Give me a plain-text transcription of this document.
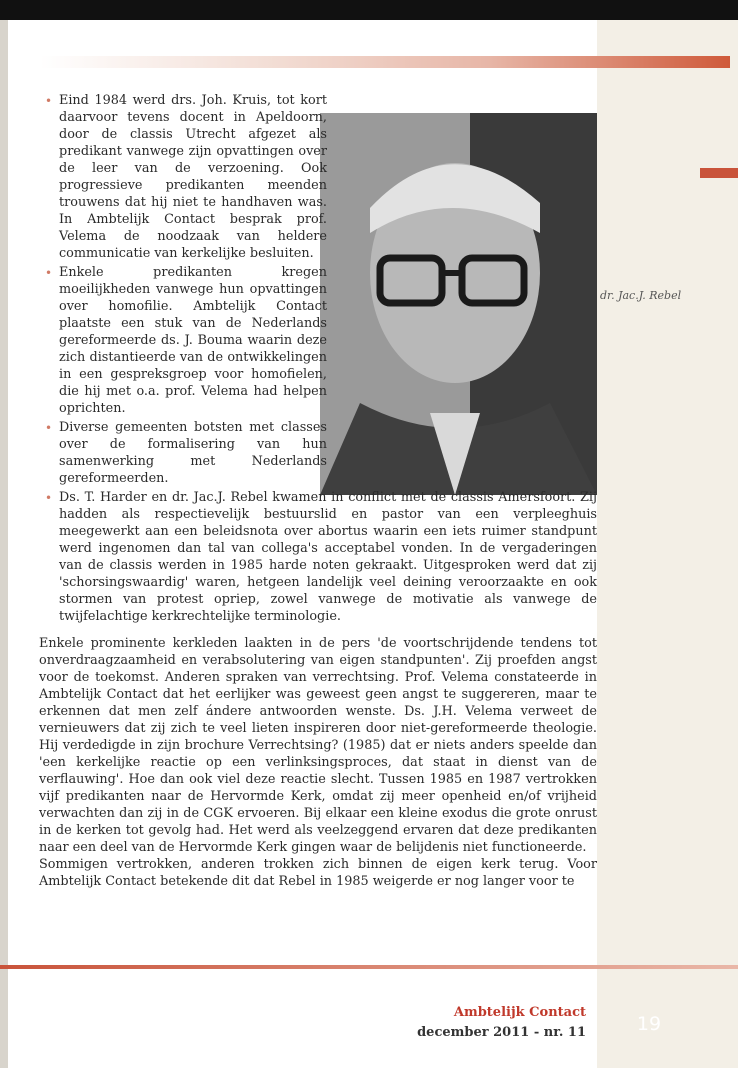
dr. Jac.J. Rebel
• Eind 1984 werd drs. Joh. Kruis, tot kort daarvoor tevens docent in Apeldoorn, door de classis Utrecht afgezet als predikant vanwege zijn opvattingen over de leer van de verzoening. Ook progressieve predikanten meenden trouwens dat hij niet te handhaven was. In Ambtelijk Contact besprak prof. Velema de noodzaak van heldere communicatie van kerkelijke besluiten.
• Enkele predikanten kregen moeilijkheden vanwege hun opvattingen over homofilie. Ambtelijk Contact plaatste een stuk van de Nederlands gereformeerde ds. J. Bouma waarin deze zich distantieerde van de ontwikkelingen in een gespreksgroep voor homofielen, die hij met o.a. prof. Velema had helpen oprichten.
• Diverse gemeenten botsten met classes over de formalisering van hun samenwerking met Nederlands gereformeerden.
• Ds. T. Harder en dr. Jac.J. Rebel kwamen in conflict met de classis Amersfoort. Zij hadden als respectievelijk bestuurslid en pastor van een verpleeghuis meegewerkt aan een beleidsnota over abortus waarin een iets ruimer standpunt werd ingenomen dan tal van collega's acceptabel vonden. In de vergaderingen van de classis werden in 1985 harde noten gekraakt. Uitgesproken werd dat zij 'schorsingswaardig' waren, hetgeen landelijk veel deining veroorzaakte en ook stormen van protest opriep, zowel vanwege de motivatie als vanwege de twijfelachtige kerkrechtelijke terminologie.

Enkele prominente kerkleden laakten in de pers 'de voortschrijdende tendens tot onverdraagzaamheid en verabsolutering van eigen standpunten'. Zij proefden angst voor de toekomst. Anderen spraken van verrechtsing. Prof. Velema constateerde in Ambtelijk Contact dat het eerlijker was geweest geen angst te suggereren, maar te erkennen dat men zelf ándere antwoorden wenste. Ds. J.H. Velema verweet de vernieuwers dat zij zich te veel lieten inspireren door niet-gereformeerde theologie. Hij verdedigde in zijn brochure Verrechtsing? (1985) dat er niets anders speelde dan 'een kerkelijke reactie op een verlinksingsproces, dat staat in dienst van de verflauwing'. Hoe dan ook viel deze reactie slecht. Tussen 1985 en 1987 vertrokken vijf predikanten naar de Hervormde Kerk, omdat zij meer openheid en/of vrijheid verwachten dan zij in de CGK ervoeren. Bij elkaar een kleine exodus die grote onrust in de kerken tot gevolg had. Het werd als veelzeggend ervaren dat deze predikanten naar een deel van de Hervormde Kerk gingen waar de belijdenis niet functioneerde.

Sommigen vertrokken, anderen trokken zich binnen de eigen kerk terug. Voor Ambtelijk Contact betekende dit dat Rebel in 1985 weigerde er nog langer voor te

Ambtelijk Contact
december 2011 - nr. 11	19
